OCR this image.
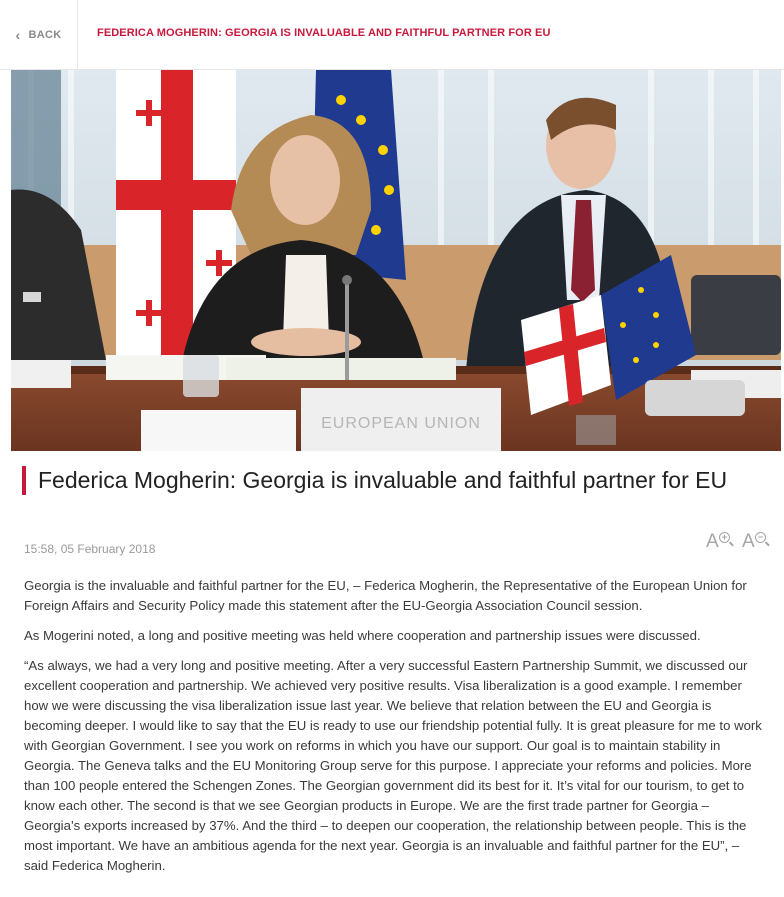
‹ BACK	FEDERICA MOGHERIN: GEORGIA IS INVALUABLE AND FAITHFUL PARTNER FOR EU
EUROPEAN UNION
Federica Mogherin: Georgia is invaluable and faithful partner for EU
15:58, 05 February 2018	A + A −

Georgia is the invaluable and faithful partner for the EU, – Federica Mogherin, the Representative of the European Union for Foreign Affairs and Security Policy made this statement after the EU-Georgia Association Council session.

As Mogerini noted, a long and positive meeting was held where cooperation and partnership issues were discussed.

“As always, we had a very long and positive meeting. After a very successful Eastern Partnership Summit, we discussed our excellent cooperation and partnership. We achieved very positive results. Visa liberalization is a good example. I remember how we were discussing the visa liberalization issue last year. We believe that relation between the EU and Georgia is becoming deeper. I would like to say that the EU is ready to use our friendship potential fully. It is great pleasure for me to work with Georgian Government. I see you work on reforms in which you have our support. Our goal is to maintain stability in Georgia. The Geneva talks and the EU Monitoring Group serve for this purpose. I appreciate your reforms and policies. More than 100 people entered the Schengen Zones. The Georgian government did its best for it. It’s vital for our tourism, to get to know each other. The second is that we see Georgian products in Europe. We are the first trade partner for Georgia – Georgia’s exports increased by 37%. And the third – to deepen our cooperation, the relationship between people. This is the most important. We have an ambitious agenda for the next year. Georgia is an invaluable and faithful partner for the EU”, – said Federica Mogherin.
